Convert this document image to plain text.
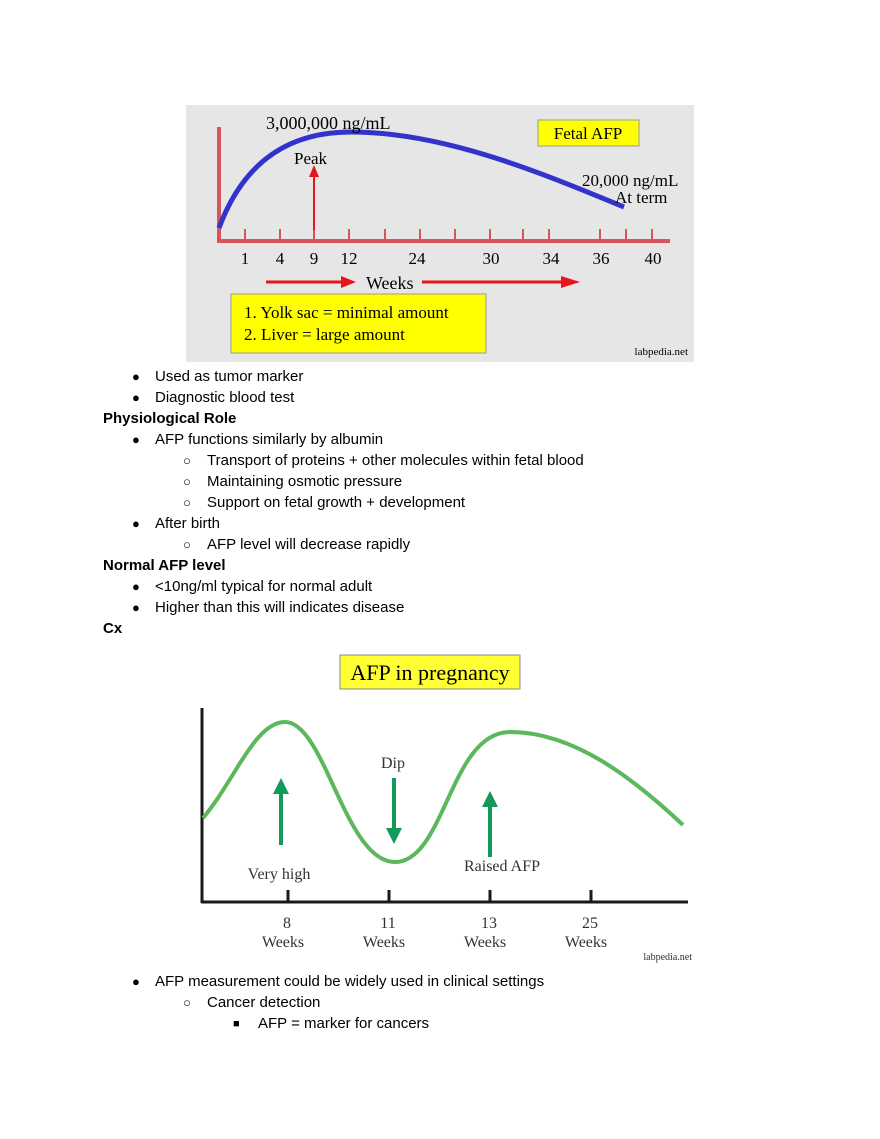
3,000,000 ng/mL
Peak
Fetal AFP
20,000 ng/mL
At term
1 4 9 12	24	30	34 36 40
Weeks
1. Yolk sac = minimal amount
2. Liver = large amount
labpedia.net
● Used as tumor marker
● Diagnostic blood test
Physiological Role
● AFP functions similarly by albumin
○ Transport of proteins + other molecules within fetal blood
○ Maintaining osmotic pressure
○ Support on fetal growth + development
● After birth
○ AFP level will decrease rapidly
Normal AFP level
● <10ng/ml typical for normal adult
● Higher than this will indicates disease
Cx
AFP in pregnancy
Dip
Very high	Raised AFP
8
Weeks
11
Weeks
13
Weeks
25
Weeks
labpedia.net
● AFP measurement could be widely used in clinical settings
○ Cancer detection
■ AFP = marker for cancers
